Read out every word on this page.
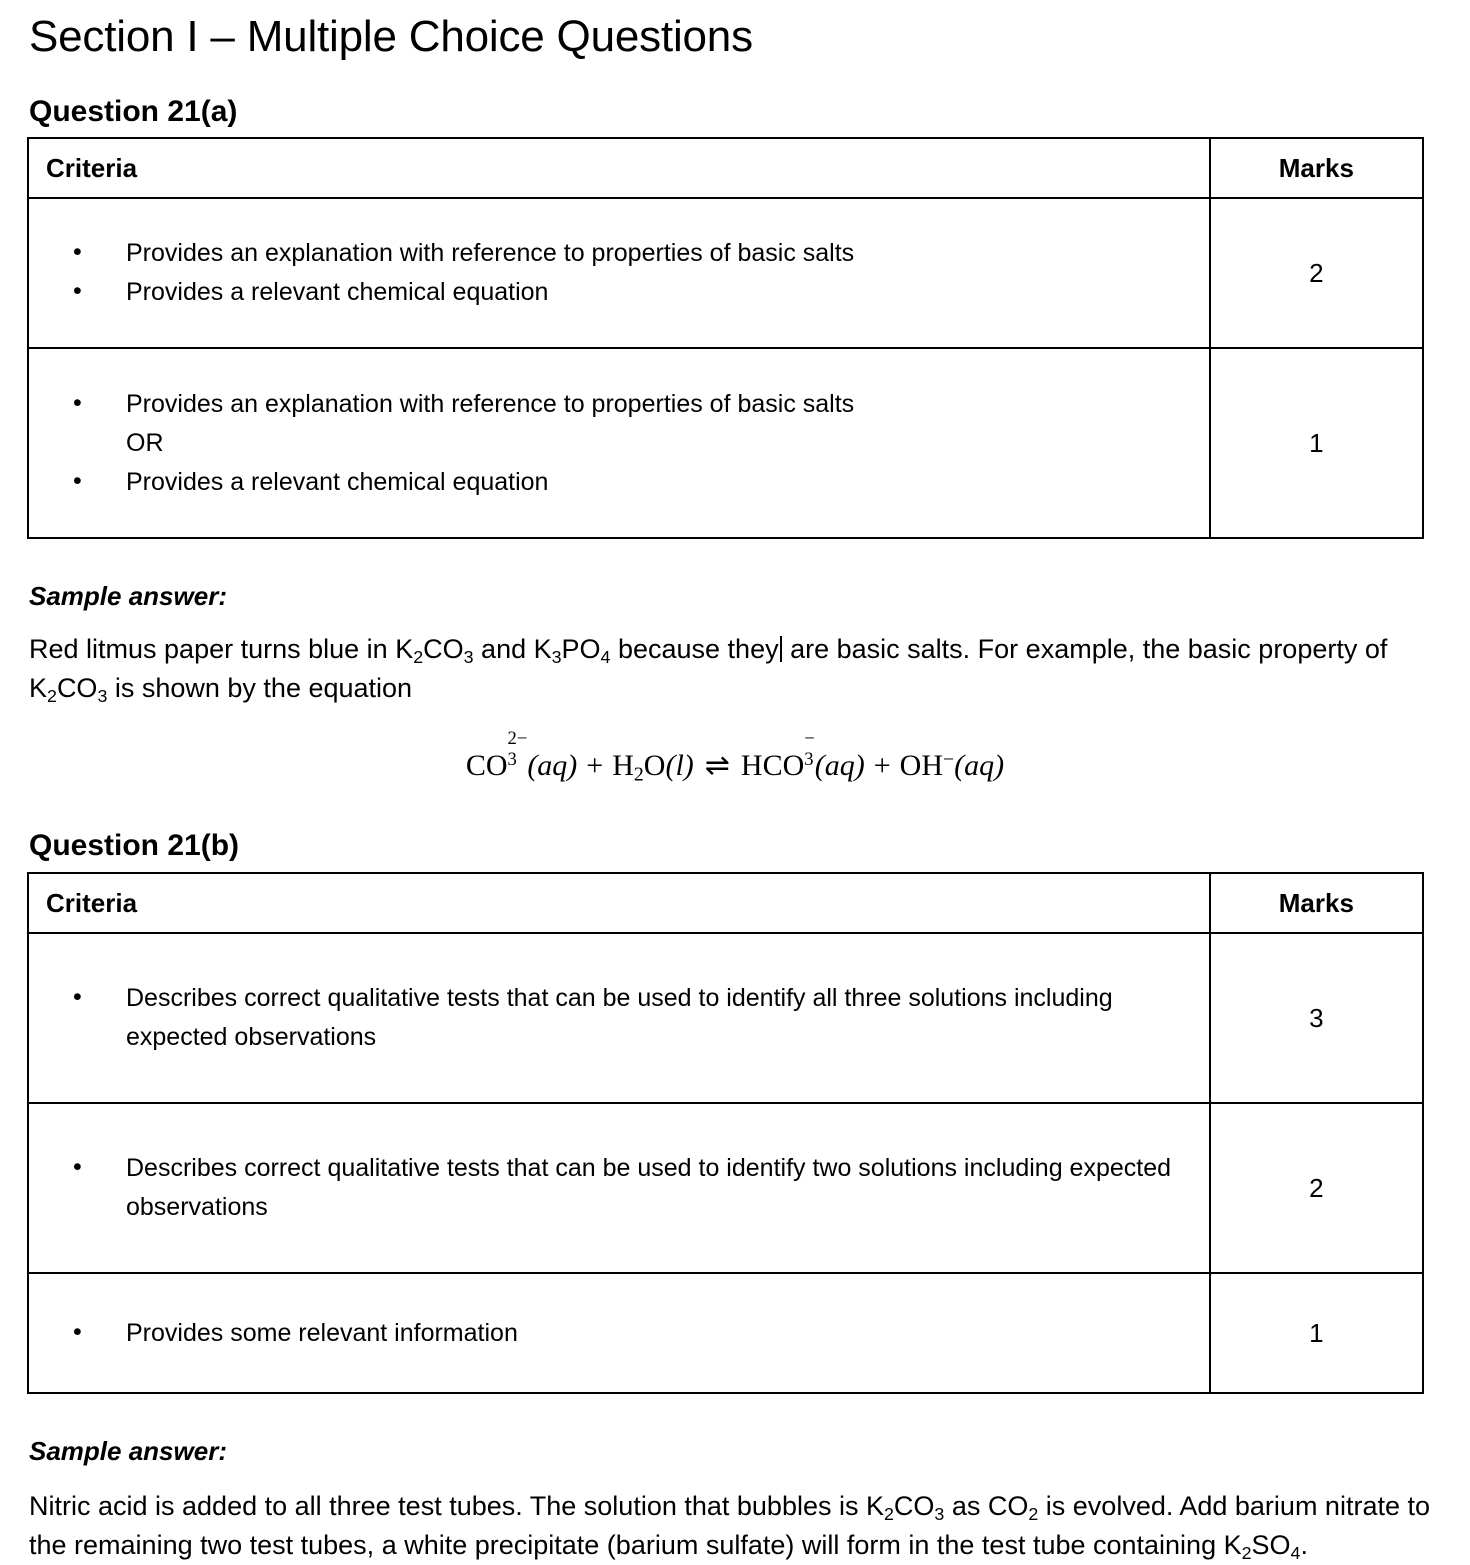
Section I – Multiple Choice Questions
Question 21(a)
Criteria	Marks

• Provides an explanation with reference to properties of basic salts
• Provides a relevant chemical equation
	2

• Provides an explanation with reference to properties of basic salts
OR
• Provides a relevant chemical equation
	1

Sample answer:

Red litmus paper turns blue in $K_2CO_3$ and $K_3PO_4$ because they are basic salts. For example, the basic property of $K_2CO_3$ is shown by the equation

CO
2−
3 $(aq) + H_2O(l)$ ⇌ HCO
−
3 (aq) + OH−(aq)
Question 21(b)
Criteria	Marks

• Describes correct qualitative tests that can be used to identify all three solutions including expected observations
	3

• Describes correct qualitative tests that can be used to identify two solutions including expected observations
	2

• Provides some relevant information	1

Sample answer:

Nitric acid is added to all three test tubes. The solution that bubbles is $K_2CO_3$ as $CO_2$ is evolved. Add barium nitrate to the remaining two test tubes, a white precipitate (barium sulfate) will form in the test tube containing $K_2SO_4$.
